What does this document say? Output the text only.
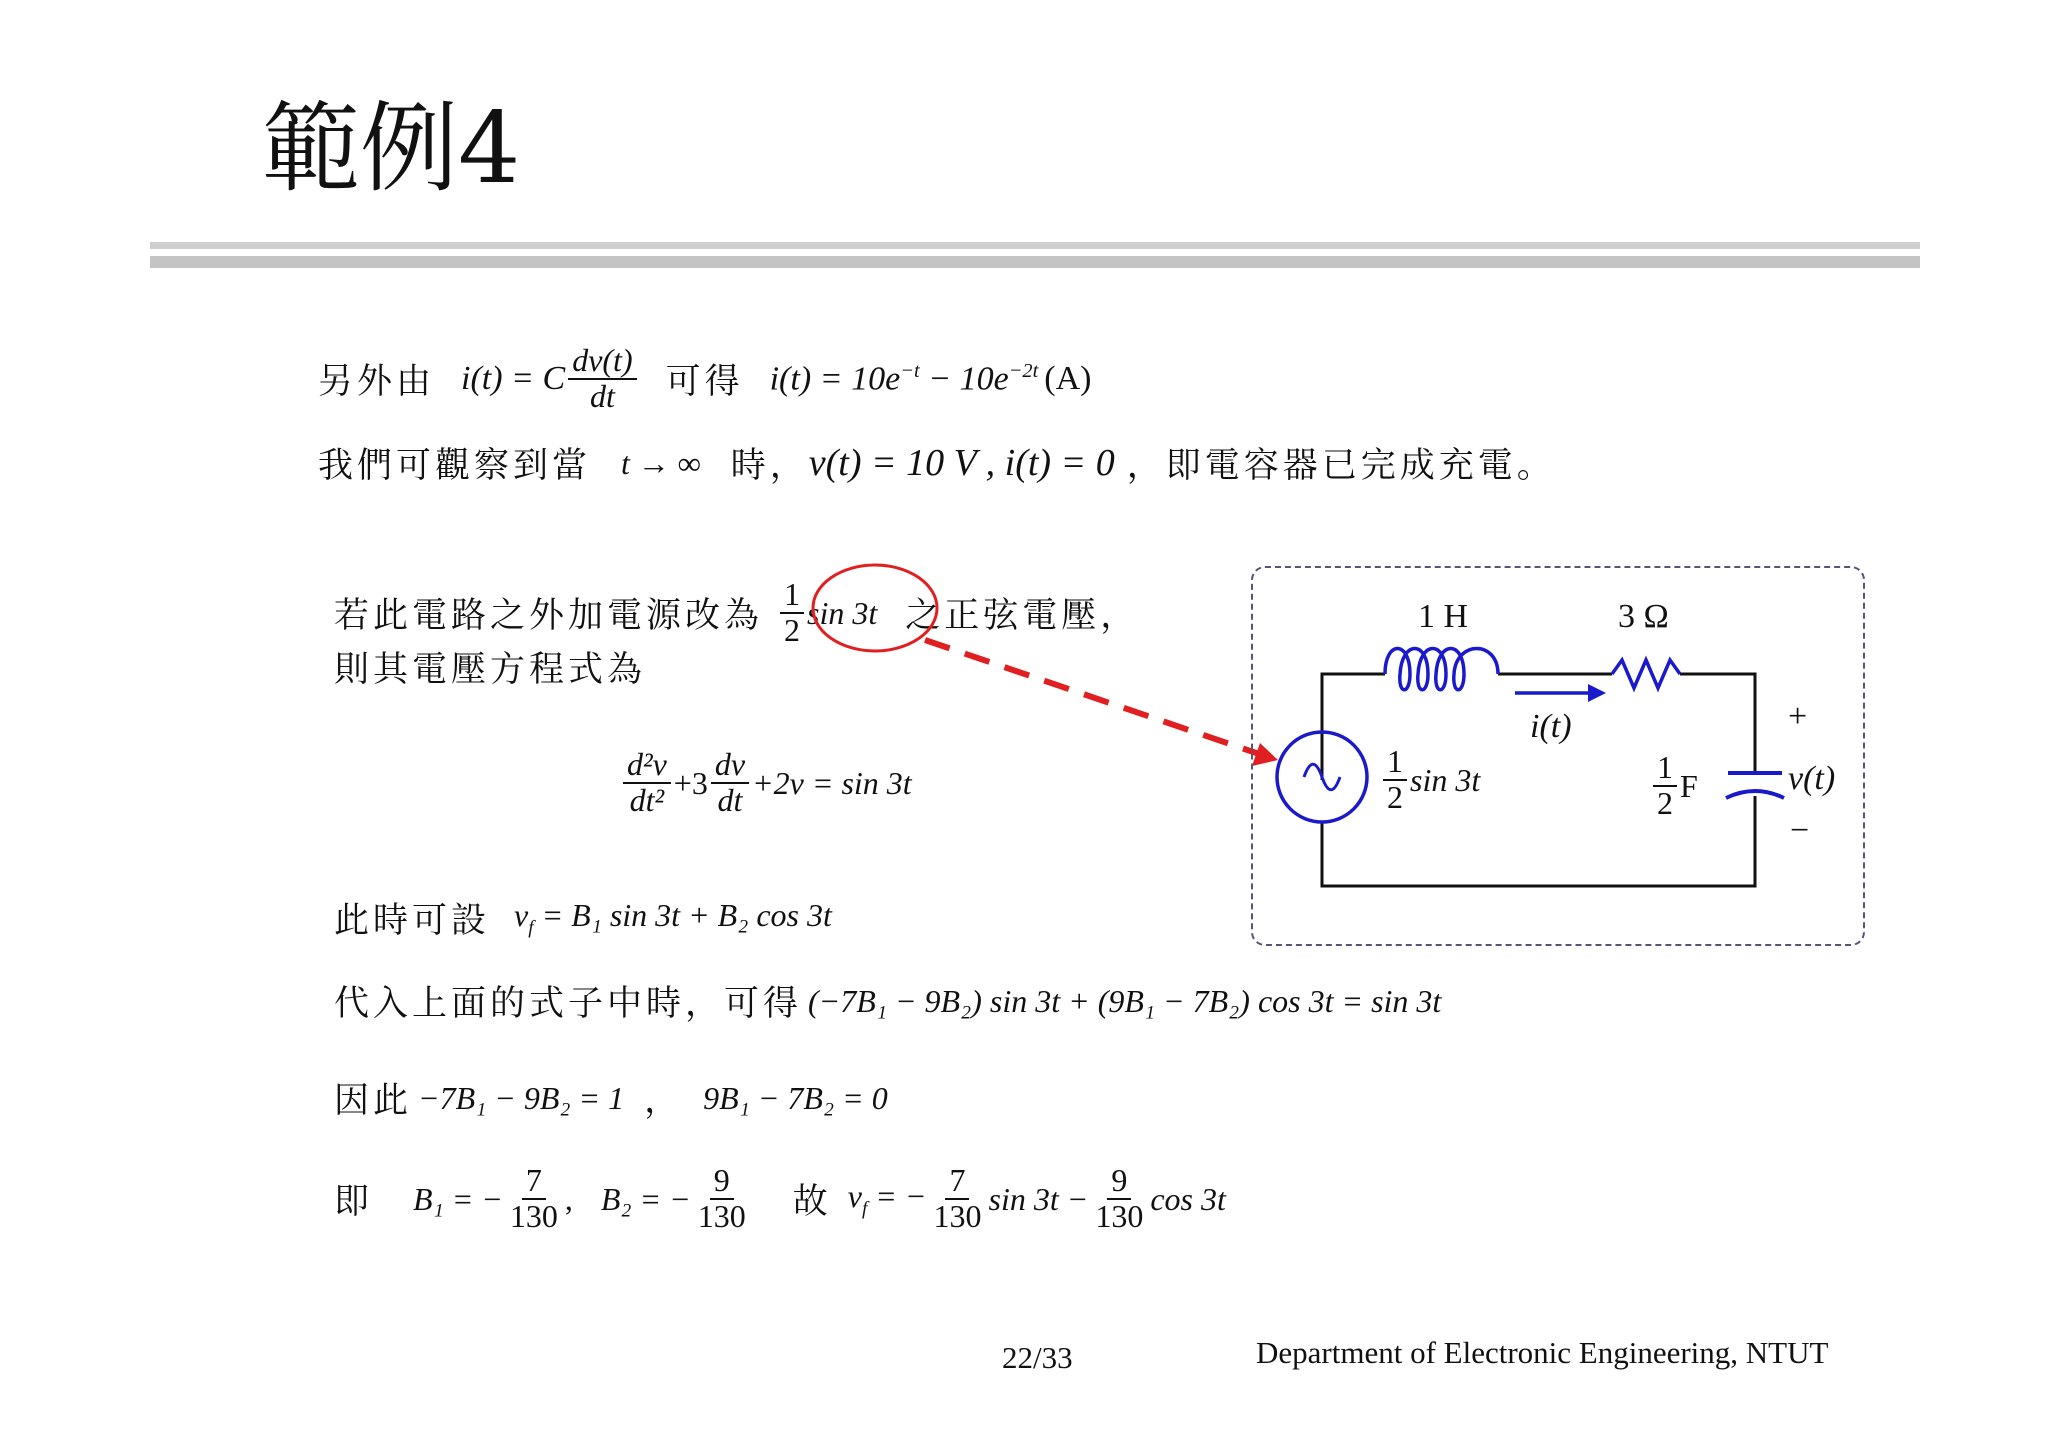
範例4
另外由 i(t) = C $\frac{dv(t)}{dt}$ 可得 $i(t) = 10e^{-t} - 10e^{-2t}$ (A)
我們可觀察到當 t → ∞ 時， v(t) = 10 V , i(t) = 0 ，即電容器已完成充電。
若此電路之外加電源改為 $\frac{1}{2}$ sin 3t 之正弦電壓，
則其電壓方程式為
$\frac{\text{d²v}}{\text{dt²}} +3 \frac{dv}{dt} +2v = \sin 3t$
此時可設 $v_f = B_1$ sin 3t + B₂ cos 3t
代入上面的式子中時，可得 (−7B₁ − 9B₂) sin 3t + (9B₁ − 7B₂) cos 3t = sin 3t
因此 −7B₁ − 9B₂ = 1 ， 9B₁ − 7B₂ = 0
即 B₁ = − $\frac{7}{130}$ , B₂ = − $\frac{9}{130}$ 故 $v_f$ = − $\frac{7}{130}$ $\sin 3t - \frac{9}{130}$ cos 3t
1 H	3 Ω
i(t)
$\frac{1}{2}$ sin 3t	$\frac{1}{2}$ F
+
v(t)
−
22/33	Department of Electronic Engineering, NTUT
